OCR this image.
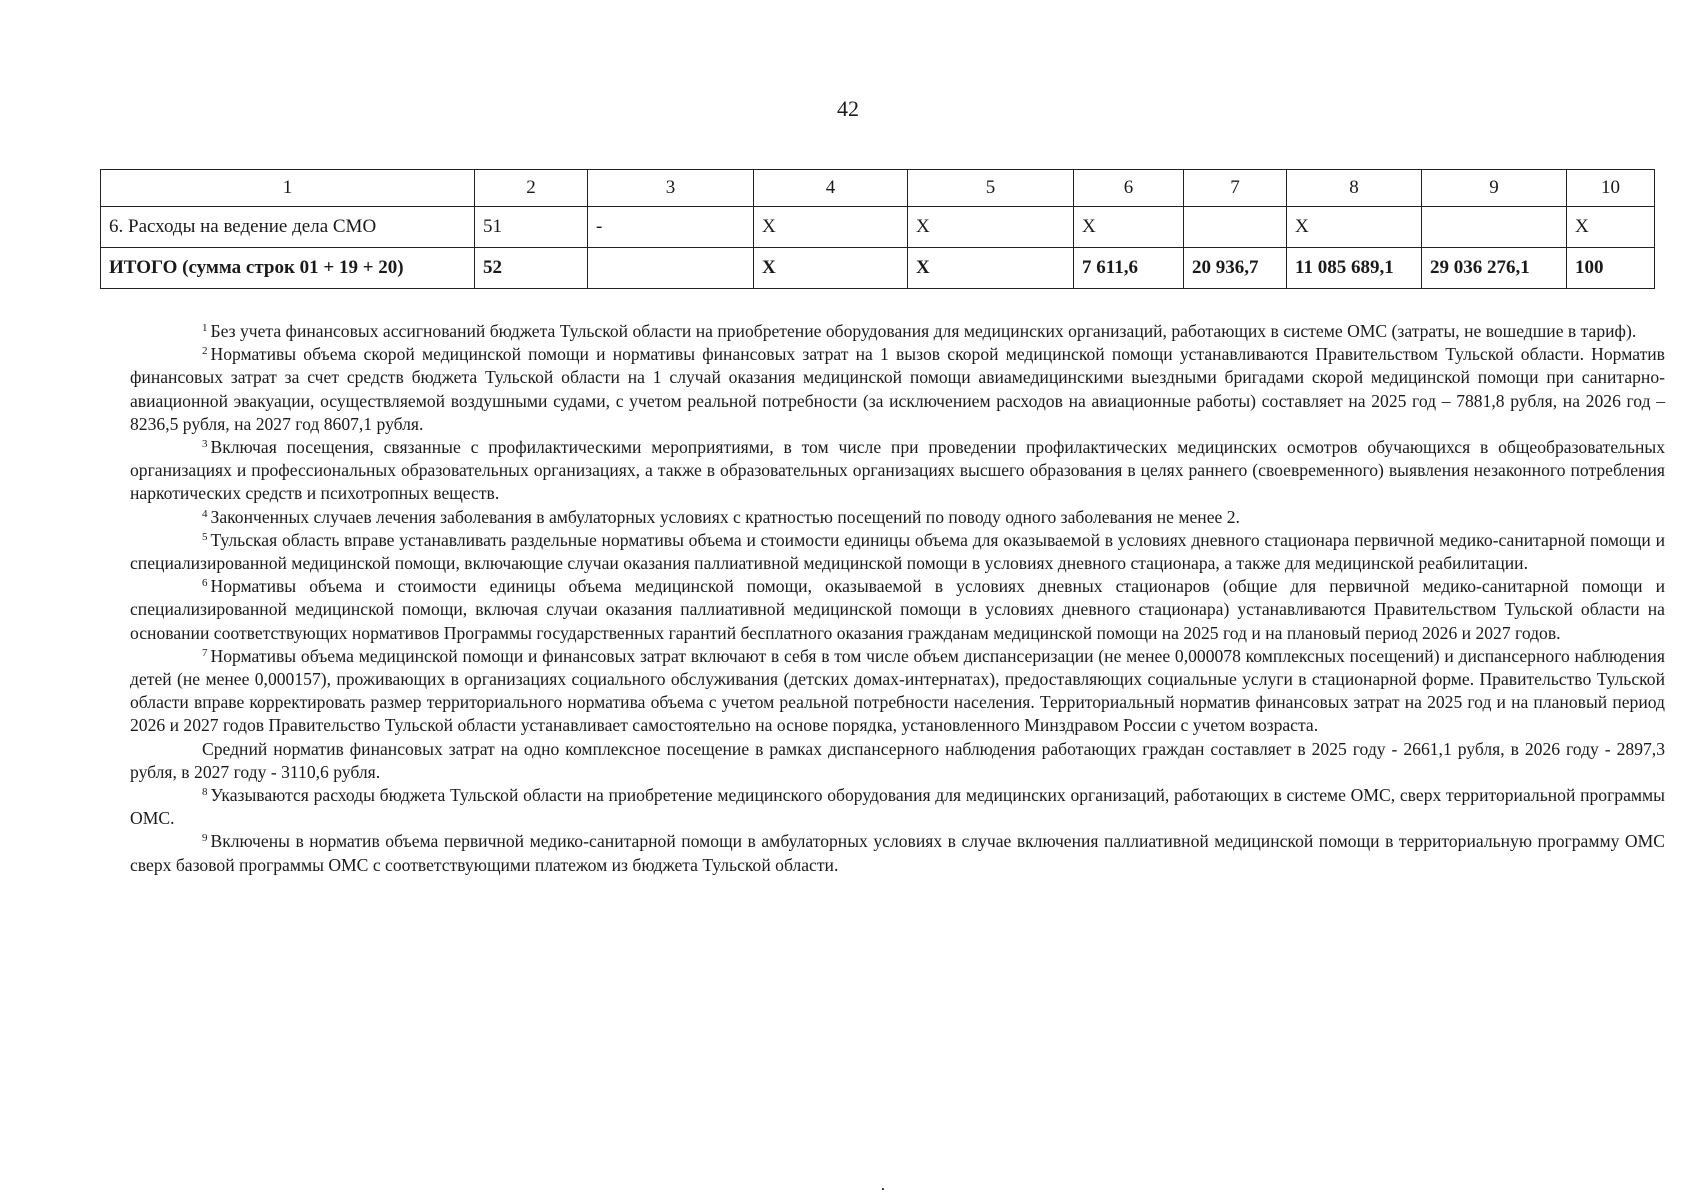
42
1	2	3	4	5	6	7	8	9	10
6. Расходы на ведение дела СМО	51	-	X	X	X		X		X
ИТОГО (сумма строк 01 + 19 + 20)	52		X	X	7 611,6	20 936,7	11 085 689,1	29 036 276,1	100

$^1$ Без учета финансовых ассигнований бюджета Тульской области на приобретение оборудования для медицинских организаций, работающих в системе ОМС (затраты, не вошедшие в тариф).

$^2$ Нормативы объема скорой медицинской помощи и нормативы финансовых затрат на 1 вызов скорой медицинской помощи устанавливаются Правительством Тульской области. Норматив финансовых затрат за счет средств бюджета Тульской области на 1 случай оказания медицинской помощи авиамедицинскими выездными бригадами скорой медицинской помощи при санитарно-авиационной эвакуации, осуществляемой воздушными судами, с учетом реальной потребности (за исключением расходов на авиационные работы) составляет на 2025 год – 7881,8 рубля, на 2026 год – 8236,5 рубля, на 2027 год 8607,1 рубля.

$^3$ Включая посещения, связанные с профилактическими мероприятиями, в том числе при проведении профилактических медицинских осмотров обучающихся в общеобразовательных организациях и профессиональных образовательных организациях, а также в образовательных организациях высшего образования в целях раннего (своевременного) выявления незаконного потребления наркотических средств и психотропных веществ.

$^4$ Законченных случаев лечения заболевания в амбулаторных условиях с кратностью посещений по поводу одного заболевания не менее 2.

$^5$ Тульская область вправе устанавливать раздельные нормативы объема и стоимости единицы объема для оказываемой в условиях дневного стационара первичной медико-санитарной помощи и специализированной медицинской помощи, включающие случаи оказания паллиативной медицинской помощи в условиях дневного стационара, а также для медицинской реабилитации.

$^6$ Нормативы объема и стоимости единицы объема медицинской помощи, оказываемой в условиях дневных стационаров (общие для первичной медико-санитарной помощи и специализированной медицинской помощи, включая случаи оказания паллиативной медицинской помощи в условиях дневного стационара) устанавливаются Правительством Тульской области на основании соответствующих нормативов Программы государственных гарантий бесплатного оказания гражданам медицинской помощи на 2025 год и на плановый период 2026 и 2027 годов.

$^7$ Нормативы объема медицинской помощи и финансовых затрат включают в себя в том числе объем диспансеризации (не менее 0,000078 комплексных посещений) и диспансерного наблюдения детей (не менее 0,000157), проживающих в организациях социального обслуживания (детских домах-интернатах), предоставляющих социальные услуги в стационарной форме. Правительство Тульской области вправе корректировать размер территориального норматива объема с учетом реальной потребности населения. Территориальный норматив финансовых затрат на 2025 год и на плановый период 2026 и 2027 годов Правительство Тульской области устанавливает самостоятельно на основе порядка, установленного Минздравом России с учетом возраста.

Средний норматив финансовых затрат на одно комплексное посещение в рамках диспансерного наблюдения работающих граждан составляет в 2025 году - 2661,1 рубля, в 2026 году - 2897,3 рубля, в 2027 году - 3110,6 рубля.

$^8$ Указываются расходы бюджета Тульской области на приобретение медицинского оборудования для медицинских организаций, работающих в системе ОМС, сверх территориальной программы ОМС.

$^9$ Включены в норматив объема первичной медико-санитарной помощи в амбулаторных условиях в случае включения паллиативной медицинской помощи в территориальную программу ОМС сверх базовой программы ОМС с соответствующими платежом из бюджета Тульской области.
